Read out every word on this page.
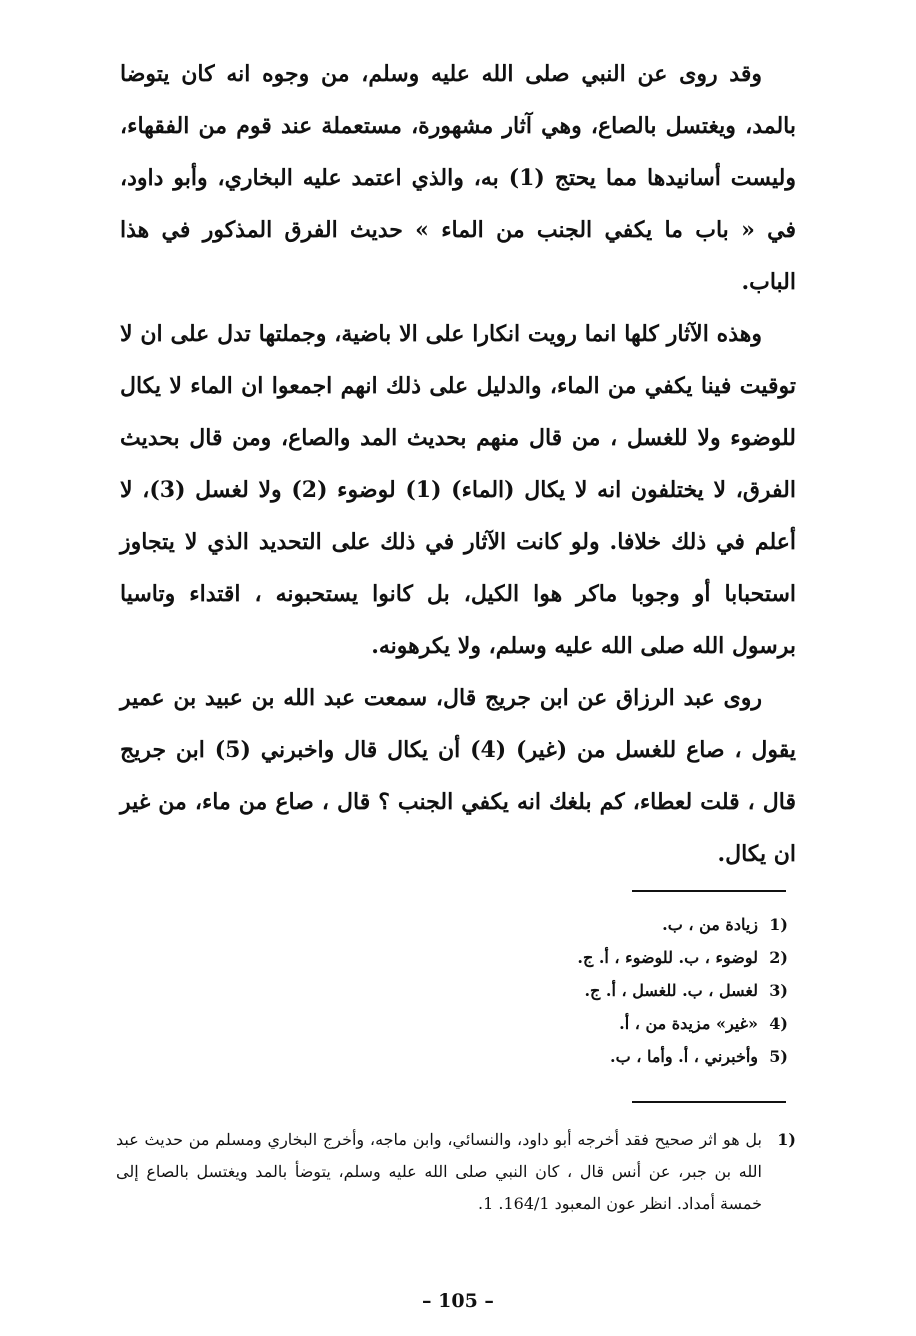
وقد روى عن النبي صلى الله عليه وسلم، من وجوه انه كان يتوضا بالمد، ويغتسل بالصاع، وهي آثار مشهورة، مستعملة عند قوم من الفقهاء، وليست أسانيدها مما يحتج (1) به، والذي اعتمد عليه البخاري، وأبو داود، في « باب ما يكفي الجنب من الماء » حديث الفرق المذكور في هذا الباب.

وهذه الآثار كلها انما رويت انكارا على الا باضية، وجملتها تدل على ان لا توقيت فينا يكفي من الماء، والدليل على ذلك انهم اجمعوا ان الماء لا يكال للوضوء ولا للغسل ، من قال منهم بحديث المد والصاع، ومن قال بحديث الفرق، لا يختلفون انه لا يكال (الماء) (1) لوضوء (2) ولا لغسل (3)، لا أعلم في ذلك خلافا. ولو كانت الآثار في ذلك على التحديد الذي لا يتجاوز استحبابا أو وجوبا ماكر هوا الكيل، بل كانوا يستحبونه ، اقتداء وتاسيا برسول الله صلى الله عليه وسلم، ولا يكرهونه.

روى عبد الرزاق عن ابن جريج قال، سمعت عبد الله بن عبيد بن عمير يقول ، صاع للغسل من (غير) (4) أن يكال قال واخبرني (5) ابن جريج قال ، قلت لعطاء، كم بلغك انه يكفي الجنب ؟ قال ، صاع من ماء، من غير ان يكال.

(1
زيادة من ، ب.
(2
لوضوء ، ب. للوضوء ، أ. ج.
(3
لغسل ، ب. للغسل ، أ. ج.
(4
«غير» مزيدة من ، أ.
(5
وأخبرني ، أ. وأما ، ب.
(1
بل هو اثر صحيح فقد أخرجه أبو داود، والنسائي، وابن ماجه، وأخرج البخاري ومسلم من حديث عبد الله بن جبر، عن أنس قال ، كان النبي صلى الله عليه وسلم، يتوضأ بالمد ويغتسل بالصاع إلى خمسة أمداد. انظر عون المعبود 164/1. 1.
– 105 –
